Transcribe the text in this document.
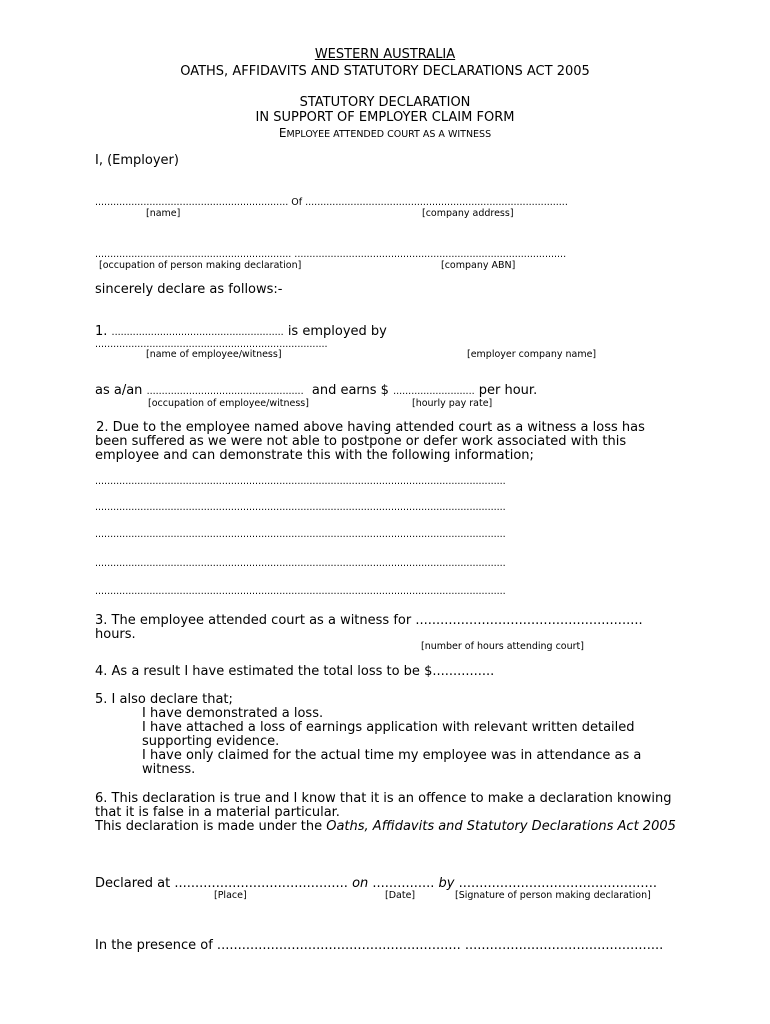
WESTERN AUSTRALIA
OATHS, AFFIDAVITS AND STATUTORY DECLARATIONS ACT 2005
STATUTORY DECLARATION
IN SUPPORT OF EMPLOYER CLAIM FORM
EMPLOYEE ATTENDED COURT AS A WITNESS
I, (Employer)
................................................................ Of .......................................................................................
[name]	[company address]
................................................................. ..........................................................................................
[occupation of person making declaration]	[company ABN]
sincerely declare as follows:-
1. ......................................................... is employed by
.............................................................................
[name of employee/witness]	[employer company name]
as a/an ....................................................  and earns $ ........................... per hour.
[occupation of employee/witness]	[hourly pay rate]
2. Due to the employee named above having attended court as a witness a loss has
been suffered as we were not able to postpone or defer work associated with this
employee and can demonstrate this with the following information;
........................................................................................................................................
........................................................................................................................................
........................................................................................................................................
........................................................................................................................................
........................................................................................................................................
3. The employee attended court as a witness for .......................................................
hours.
[number of hours attending court]
4. As a result I have estimated the total loss to be $...............
5. I also declare that;
I have demonstrated a loss.
I have attached a loss of earnings application with relevant written detailed
supporting evidence.
I have only claimed for the actual time my employee was in attendance as a
witness.
6. This declaration is true and I know that it is an offence to make a declaration knowing
that it is false in a material particular.
This declaration is made under the Oaths, Affidavits and Statutory Declarations Act 2005
Declared at .......................................... on ............... by ................................................
[Place]	[Date]	[Signature of person making declaration]
In the presence of ........................................................... ................................................
